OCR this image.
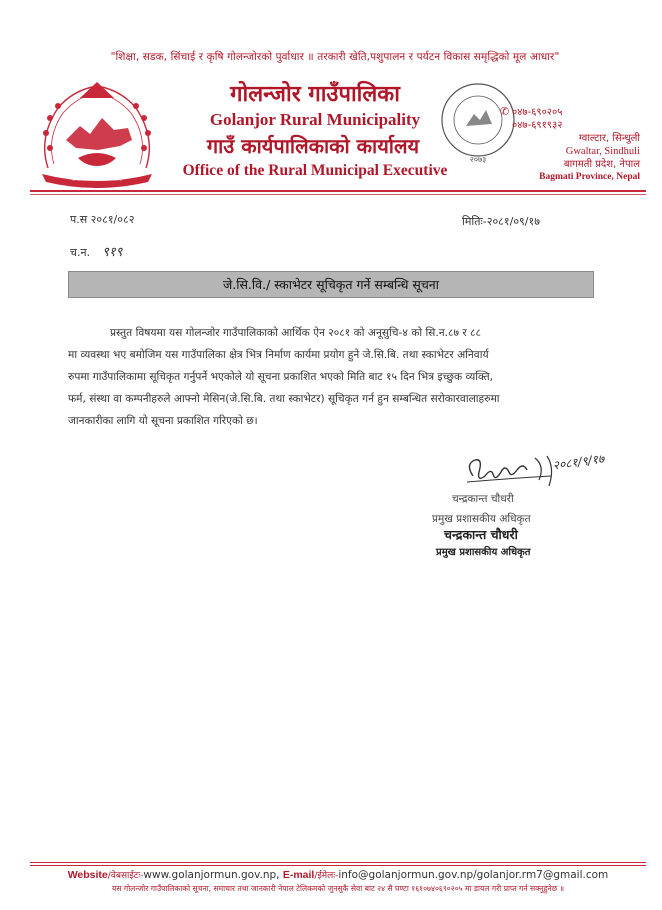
"शिक्षा, सडक, सिंचाई र कृषि गोलन्जोरको पुर्वाधार ॥ तरकारी खेति,पशुपालन र पर्यटन विकास समृद्धिको मूल आधार"
~~~~~~~~~~~~
गोलन्जोर गाउँपालिका
Golanjor Rural Municipality
गाउँ कार्यपालिकाको कार्यालय
Office of the Rural Municipal Executive
२०७३
✆ ०४७-६९०२०५
०४७-६९१९३२
ग्वाल्टार, सिन्धुली
Gwaltar, Sindhuli
बागमती प्रदेश, नेपाल
Bagmati Province, Nepal
प.स २०८१/०८२	मितिः-२०८१/०९/१७
च.न. ९१९
जे.सि.वि./ स्काभेटर सूचिकृत गर्ने सम्बन्धि सूचना
प्रस्तुत विषयमा यस गोलन्जोर गाउँपालिकाको आर्थिक ऐन २०८१ को अनूसुचि-४ को सि.न.८७ र ८८
मा व्यवस्था भए बमोजिम यस गाउँपालिका क्षेत्र भित्र निर्माण कार्यमा प्रयोग हुने जे.सि.बि. तथा स्काभेटर अनिवार्य
रुपमा गाउँपालिकामा सूचिकृत गर्नुपर्ने भएकोले यो सूचना प्रकाशित भएको मिति बाट १५ दिन भित्र इच्छुक व्यक्ति,
फर्म, संस्था वा कम्पनीहरुले आफ्नो मेसिन(जे.सि.बि. तथा स्काभेटर) सूचिकृत गर्न हुन सम्बन्धित सरोकारवालाहरुमा
जानकारीका लागि यो सूचना प्रकाशित गरिएको छ।
२०८१/९/१७
चन्द्रकान्त चौधरी
प्रमुख प्रशासकीय अधिकृत
चन्द्रकान्त चौधरी
प्रमुख प्रशासकीय अधिकृत
Website/वेबसाईटः-www.golanjormun.gov.np, E-mail/ईमेलः-info@golanjormun.gov.np/golanjor.rm7@gmail.com
यस गोलन्जोर गाउँपालिकाको सूचना, समाचार तथा जानकारी नेपाल टेलिकमको जुनसुकै सेवा बाट २४ सै घण्टा १६१०७४०६९०२०५ मा डायल गरी प्राप्त गर्न सक्नुहुनेछ ॥
